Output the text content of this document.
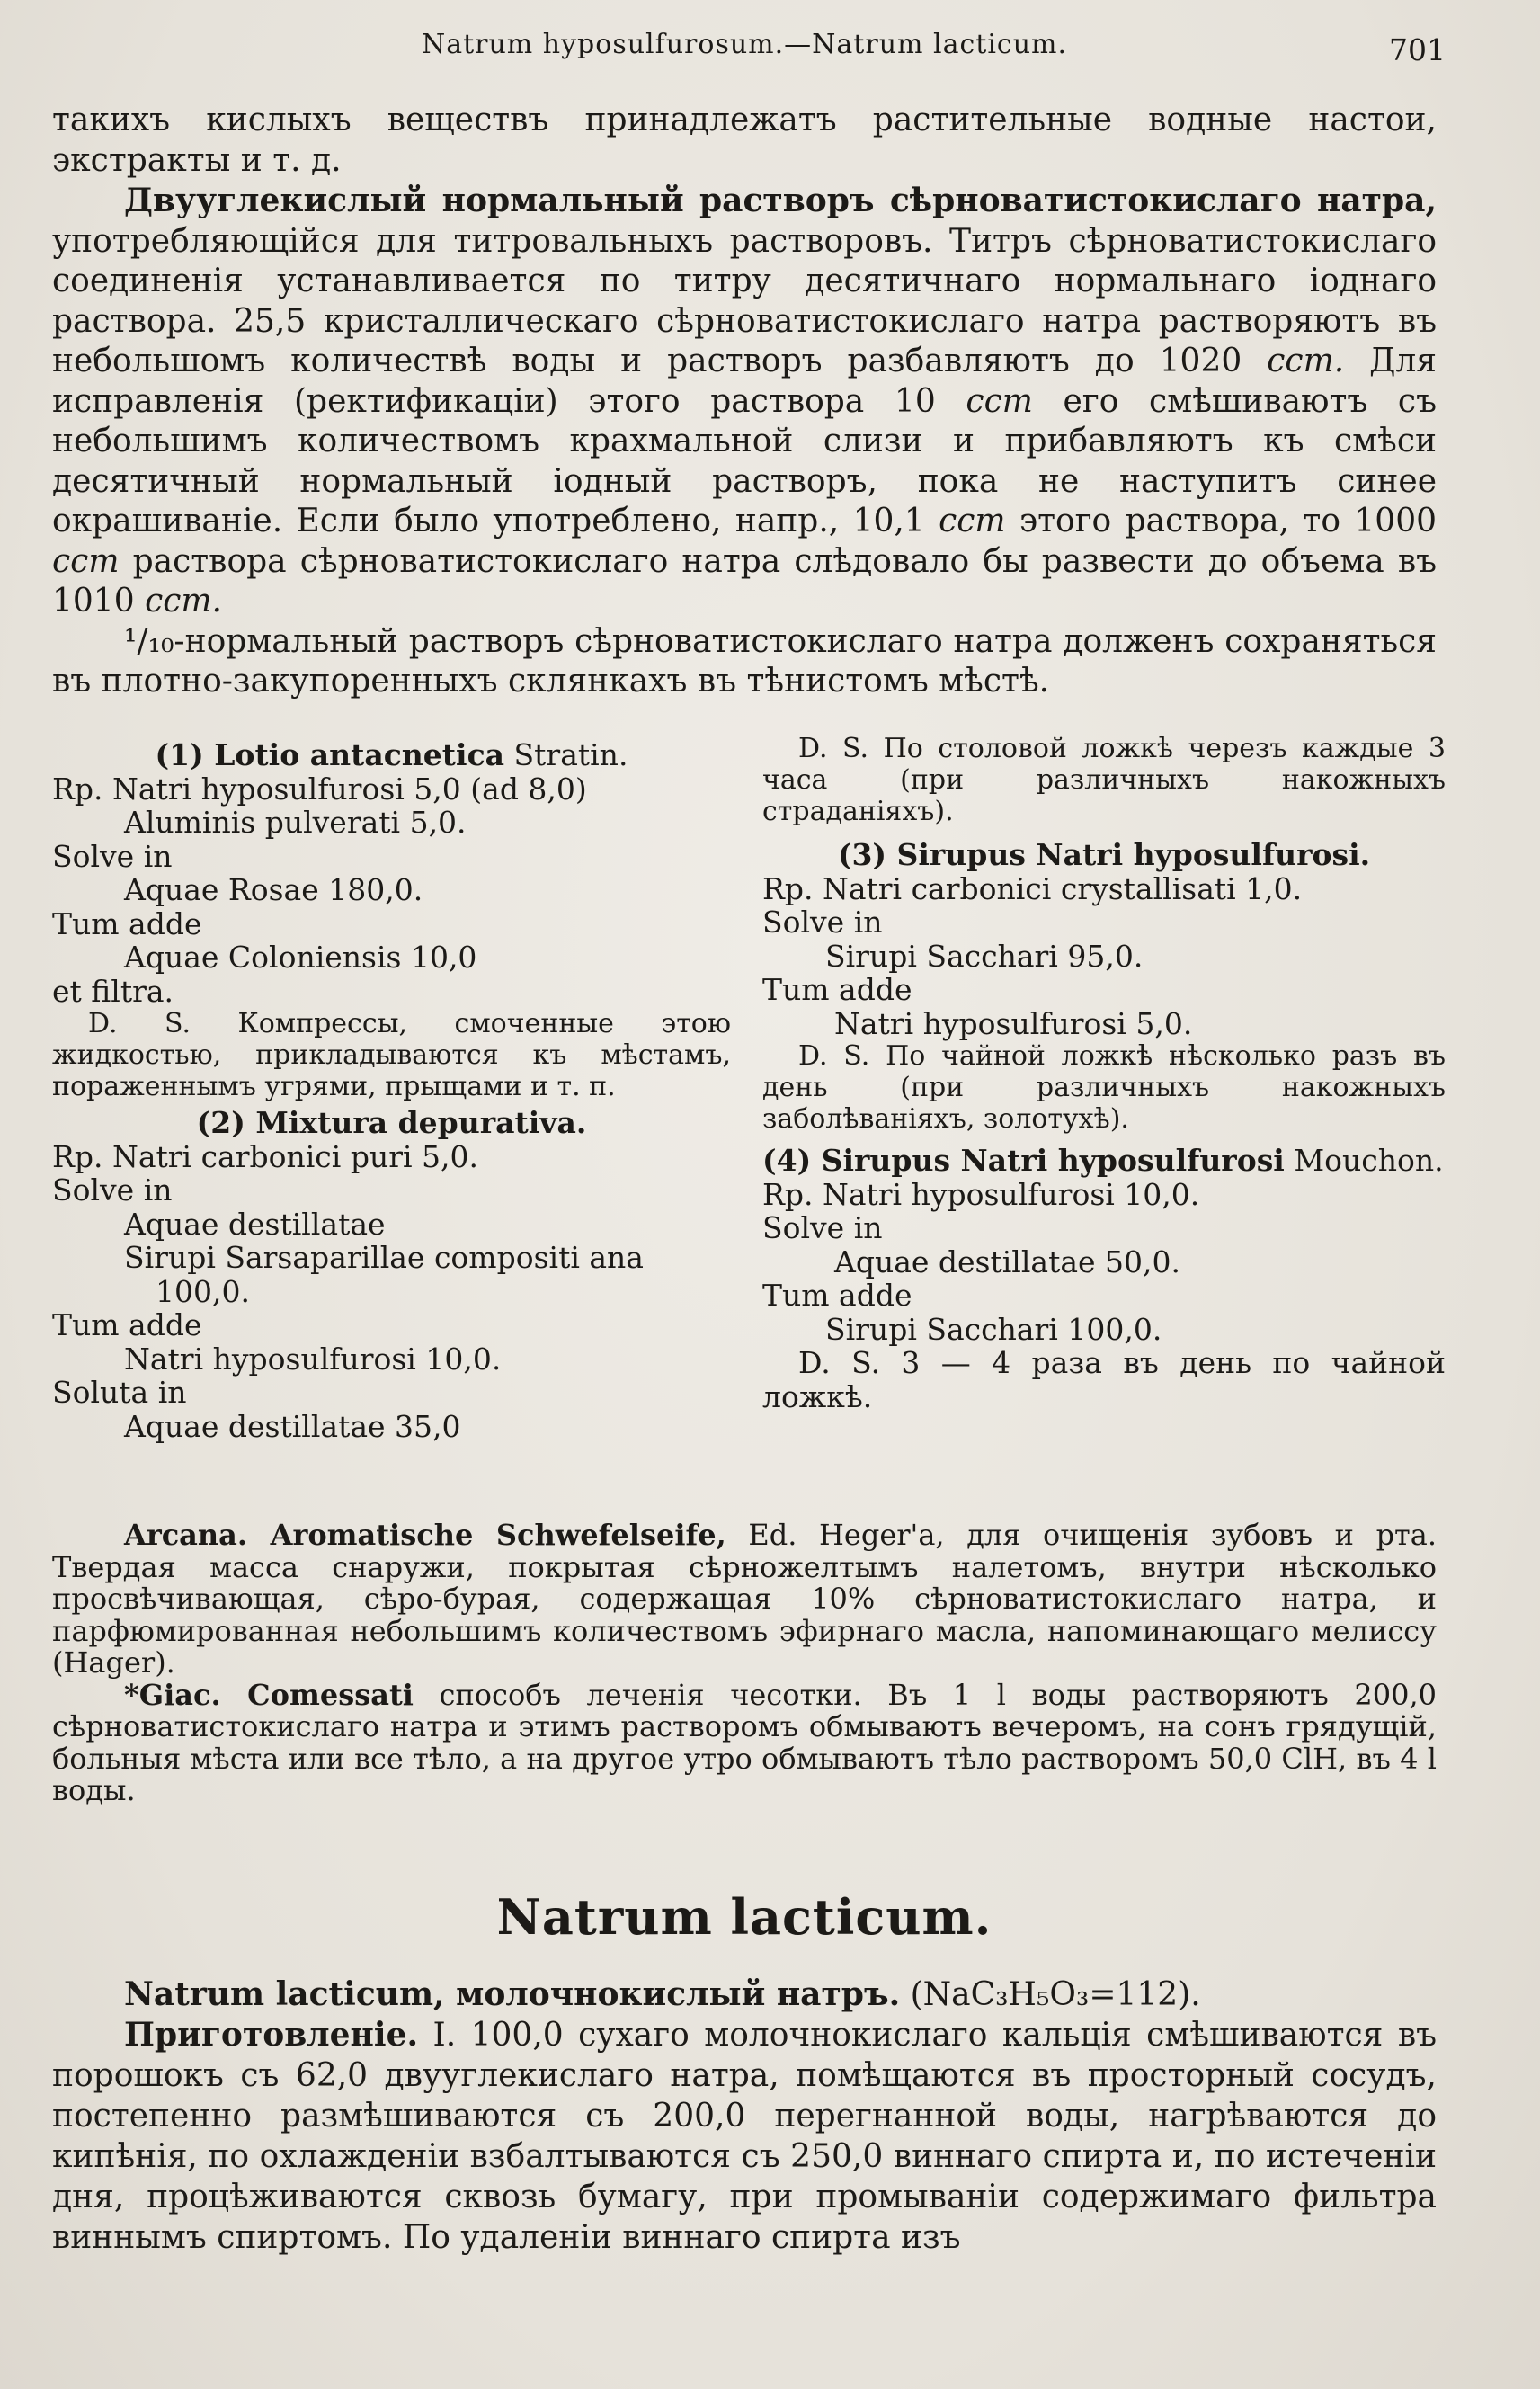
Natrum hyposulfurosum.—Natrum lacticum.	701

такихъ кислыхъ веществъ принадлежатъ растительные водные настои, экстракты и т. д.

Двууглекислый нормальный растворъ сѣрноватистокислаго натра, употребляющійся для титровальныхъ растворовъ. Титръ сѣрноватистокислаго соединенія устанавливается по титру десятичнаго нормальнаго іоднаго раствора. 25,5 кристаллическаго сѣрноватистокислаго натра растворяютъ въ небольшомъ количествѣ воды и растворъ разбавляютъ до 1020 ccm. Для исправленія (ректификаціи) этого раствора 10 ccm его смѣшиваютъ съ небольшимъ количествомъ крахмальной слизи и прибавляютъ къ смѣси десятичный нормальный іодный растворъ, пока не наступитъ синее окрашиваніе. Если было употреблено, напр., 10,1 ccm этого раствора, то 1000 ccm раствора сѣрноватистокислаго натра слѣдовало бы развести до объема въ 1010 ccm.

¹/₁₀-нормальный растворъ сѣрноватистокислаго натра долженъ сохраняться въ плотно-закупоренныхъ склянкахъ въ тѣнистомъ мѣстѣ.

(1) Lotio antacnetica Stratin.
Rp. Natri hyposulfurosi 5,0 (ad 8,0)
Aluminis pulverati 5,0.
Solve in
Aquae Rosae 180,0.
Tum adde
Aquae Coloniensis 10,0
et filtra.

D. S. Компрессы, смоченные этою жидкостью, прикладываются къ мѣстамъ, пораженнымъ угрями, прыщами и т. п.

(2) Mixtura depurativa.
Rp. Natri carbonici puri 5,0.
Solve in
Aquae destillatae
Sirupi Sarsaparillae compositi ana
100,0.
Tum adde
Natri hyposulfurosi 10,0.
Soluta in
Aquae destillatae 35,0

D. S. По столовой ложкѣ черезъ каждые 3 часа (при различныхъ накожныхъ страданіяхъ).

(3) Sirupus Natri hyposulfurosi.
Rp. Natri carbonici crystallisati 1,0.
Solve in
Sirupi Sacchari 95,0.
Tum adde
Natri hyposulfurosi 5,0.

D. S. По чайной ложкѣ нѣсколько разъ въ день (при различныхъ накожныхъ заболѣваніяхъ, золотухѣ).

(4) Sirupus Natri hyposulfurosi Mouchon.
Rp. Natri hyposulfurosi 10,0.
Solve in
Aquae destillatae 50,0.
Tum adde
Sirupi Sacchari 100,0.

D. S. 3 — 4 раза въ день по чайной ложкѣ.

Arcana. Aromatische Schwefelseife, Ed. Heger'a, для очищенія зубовъ и рта. Твердая масса снаружи, покрытая сѣрножелтымъ налетомъ, внутри нѣсколько просвѣчивающая, сѣро-бурая, содержащая 10% сѣрноватистокислаго натра, и парфюмированная небольшимъ количествомъ эфирнаго масла, напоминающаго мелиссу (Hager).

*Giac. Comessati способъ леченія чесотки. Въ 1 l воды растворяютъ 200,0 сѣрноватистокислаго натра и этимъ растворомъ обмываютъ вечеромъ, на сонъ грядущій, больныя мѣста или все тѣло, а на другое утро обмываютъ тѣло растворомъ 50,0 ClH, въ 4 l воды.

Natrum lacticum.

Natrum lacticum, молочнокислый натръ. (NaC₃H₅O₃=112).

Приготовленіе. I. 100,0 сухаго молочнокислаго кальція смѣшиваются въ порошокъ съ 62,0 двууглекислаго натра, помѣщаются въ просторный сосудъ, постепенно размѣшиваются съ 200,0 перегнанной воды, нагрѣваются до кипѣнія, по охлажденіи взбалтываются съ 250,0 виннаго спирта и, по истеченіи дня, процѣживаются сквозь бумагу, при промываніи содержимаго фильтра виннымъ спиртомъ. По удаленіи виннаго спирта изъ
